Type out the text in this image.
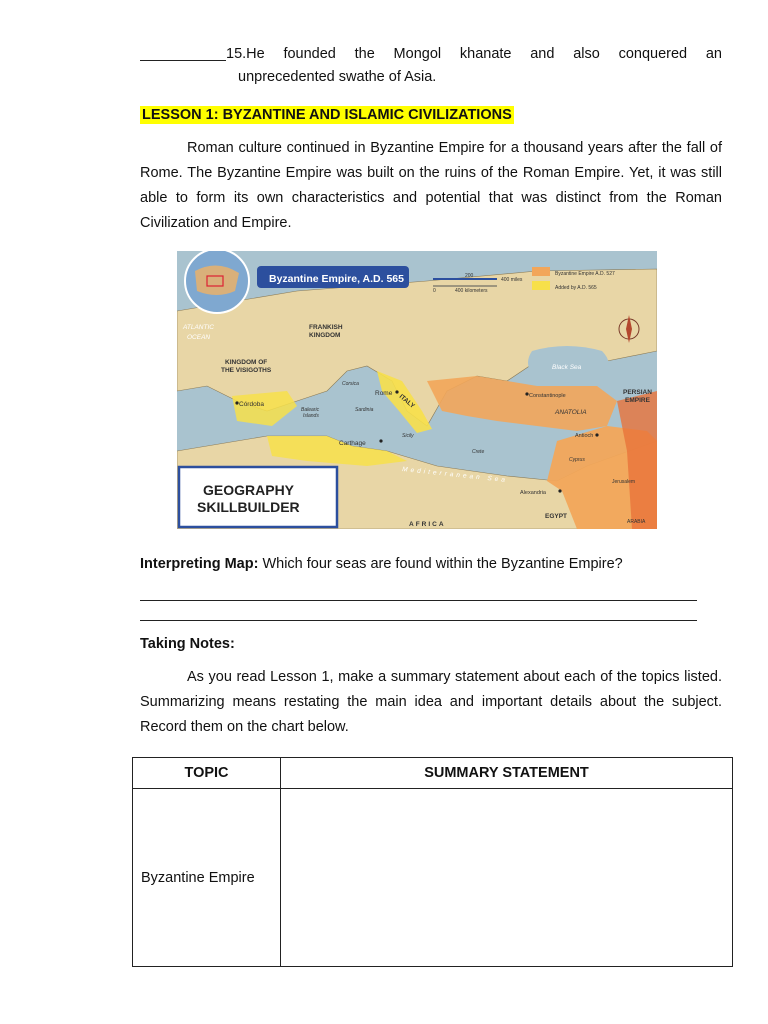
15.He founded the Mongol khanate and also conquered an
unprecedented swathe of Asia.
LESSON 1: BYZANTINE AND ISLAMIC CIVILIZATIONS
Roman culture continued in Byzantine Empire for a thousand years after the fall of Rome. The Byzantine Empire was built on the ruins of the Roman Empire. Yet, it was still able to form its own characteristics and potential that was distinct from the Roman Civilization and Empire.
Byzantine Empire, A.D. 565	200
400 miles
0	400 kilometers
Byzantine Empire A.D. 527
Added by A.D. 565
ATLANTIC
OCEAN
FRANKISH
KINGDOM
KINGDOM OF
THE VISIGOTHS
Córdoba
Balearic
Islands
Corsica
Sardinia
Rome ITALY
Carthage
Sicily
Crete
Black Sea
Constantinople
ANATOLIA
PERSIAN
EMPIRE
Antioch
Cyprus
Jerusalem
Mediterranean Sea
Alexandria
EGYPT
AFRICA	ARABIA
GEOGRAPHY
SKILLBUILDER
Interpreting Map: Which four seas are found within the Byzantine Empire?
Taking Notes:
As you read Lesson 1, make a summary statement about each of the topics listed. Summarizing means restating the main idea and important details about the subject. Record them on the chart below.
TOPIC	SUMMARY STATEMENT
Byzantine Empire	
